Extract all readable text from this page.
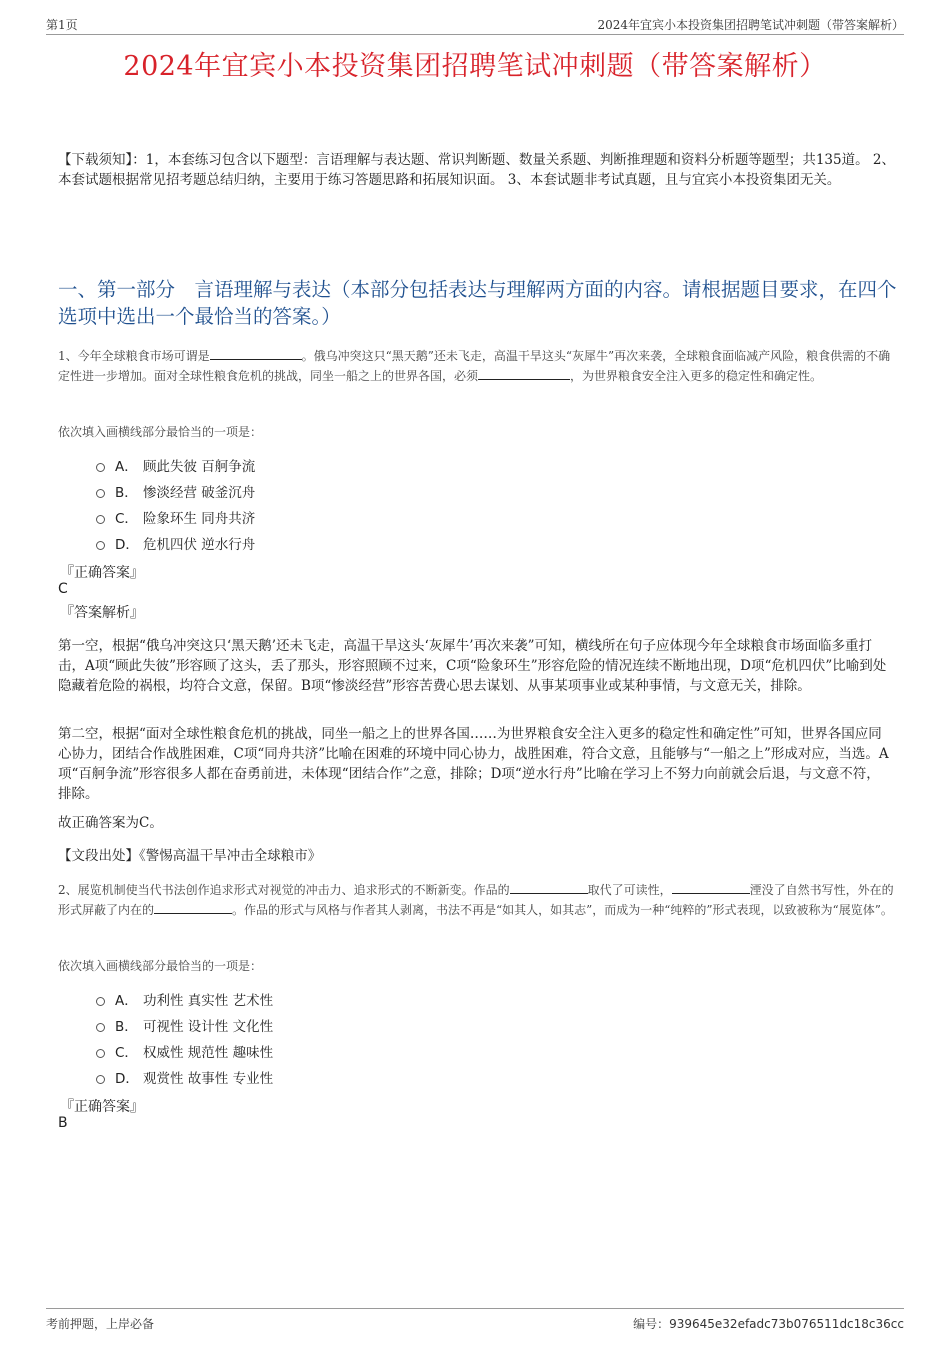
第1页	2024年宜宾小本投资集团招聘笔试冲刺题（带答案解析）
2024年宜宾小本投资集团招聘笔试冲刺题（带答案解析）
【下载须知】：1，本套练习包含以下题型：言语理解与表达题、常识判断题、数量关系题、判断推理题和资料分析题等题型；共135道。 2、本套试题根据常见招考题总结归纳，主要用于练习答题思路和拓展知识面。 3、本套试题非考试真题，且与宜宾小本投资集团无关。
一、第一部分　言语理解与表达（本部分包括表达与理解两方面的内容。请根据题目要求，在四个选项中选出一个最恰当的答案。）
1、今年全球粮食市场可谓是	。俄乌冲突这只“黑天鹅”还未飞走，高温干旱这头“灰犀牛”再次来袭，全球粮食面临减产风险，粮食供需的不确定性进一步增加。面对全球性粮食危机的挑战，同坐一船之上的世界各国，必须	，为世界粮食安全注入更多的稳定性和确定性。
依次填入画横线部分最恰当的一项是：
A． 顾此失彼 百舸争流
B． 惨淡经营 破釜沉舟
C． 险象环生 同舟共济
D． 危机四伏 逆水行舟
『正确答案』
C
『答案解析』
第一空，根据“俄乌冲突这只‘黑天鹅’还未飞走，高温干旱这头‘灰犀牛’再次来袭”可知，横线所在句子应体现今年全球粮食市场面临多重打击，A项“顾此失彼”形容顾了这头，丢了那头，形容照顾不过来，C项“险象环生”形容危险的情况连续不断地出现，D项“危机四伏”比喻到处隐藏着危险的祸根，均符合文意，保留。B项“惨淡经营”形容苦费心思去谋划、从事某项事业或某种事情，与文意无关，排除。
第二空，根据“面对全球性粮食危机的挑战，同坐一船之上的世界各国……为世界粮食安全注入更多的稳定性和确定性”可知，世界各国应同心协力，团结合作战胜困难，C项“同舟共济”比喻在困难的环境中同心协力，战胜困难，符合文意，且能够与“一船之上”形成对应，当选。A项“百舸争流”形容很多人都在奋勇前进，未体现“团结合作”之意，排除；D项“逆水行舟”比喻在学习上不努力向前就会后退，与文意不符，排除。
故正确答案为C。
【文段出处】《警惕高温干旱冲击全球粮市》
2、展览机制使当代书法创作追求形式对视觉的冲击力、追求形式的不断新变。作品的	取代了可读性，	湮没了自然书写性，外在的形式屏蔽了内在的	。作品的形式与风格与作者其人剥离，书法不再是“如其人，如其志”，而成为一种“纯粹的”形式表现，以致被称为“展览体”。
依次填入画横线部分最恰当的一项是：
A． 功利性 真实性 艺术性
B． 可视性 设计性 文化性
C． 权威性 规范性 趣味性
D． 观赏性 故事性 专业性
『正确答案』
B
考前押题，上岸必备	编号：939645e32efadc73b076511dc18c36cc
